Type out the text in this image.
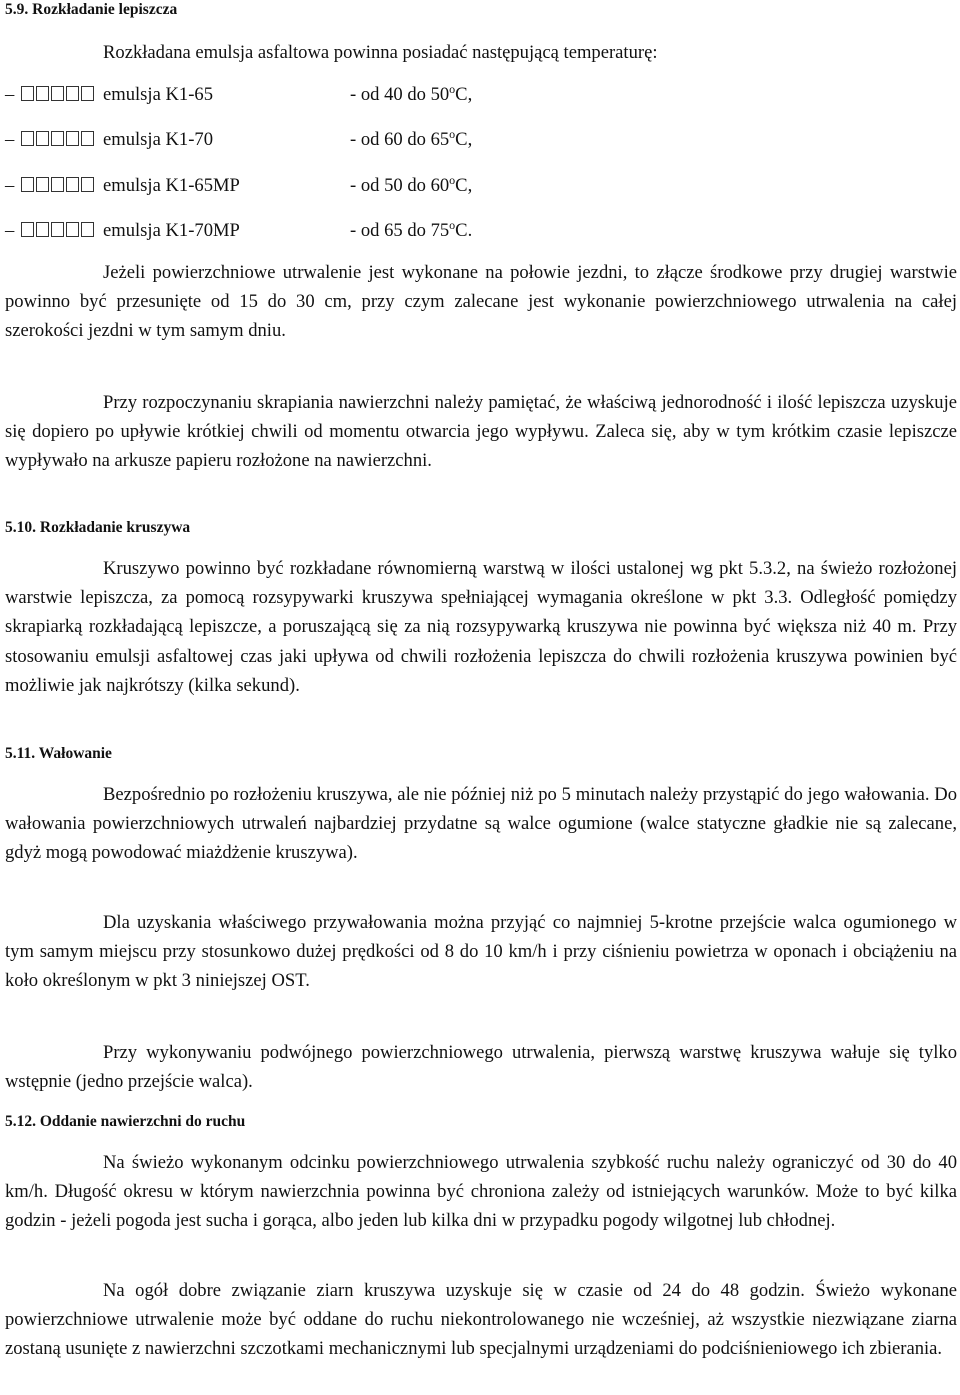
5.9. Rozkładanie lepiszcza
Rozkładana emulsja asfaltowa powinna posiadać następującą temperaturę:
–	emulsja K1-65	- od 40 do 50$^o$C,
–	emulsja K1-70	- od 60 do 65$^o$C,
–	emulsja K1-65MP	- od 50 do 60$^o$C,
–	emulsja K1-70MP	- od 65 do 75$^o$C.
Jeżeli powierzchniowe utrwalenie jest wykonane na połowie jezdni, to złącze środkowe przy drugiej warstwie powinno być przesunięte od 15 do 30 cm, przy czym zalecane jest wykonanie powierzchniowego utrwalenia na całej szerokości jezdni w tym samym dniu.
Przy rozpoczynaniu skrapiania nawierzchni należy pamiętać, że właściwą jednorodność i ilość lepiszcza uzyskuje się dopiero po upływie krótkiej chwili od momentu otwarcia jego wypływu. Zaleca się, aby w tym krótkim czasie lepiszcze wypływało na arkusze papieru rozłożone na nawierzchni.
5.10. Rozkładanie kruszywa
Kruszywo powinno być rozkładane równomierną warstwą w ilości ustalonej wg pkt 5.3.2, na świeżo rozłożonej warstwie lepiszcza, za pomocą rozsypywarki kruszywa spełniającej wymagania określone w pkt 3.3. Odległość pomiędzy skrapiarką rozkładającą lepiszcze, a poruszającą się za nią rozsypywarką kruszywa nie powinna być większa niż 40 m. Przy stosowaniu emulsji asfaltowej czas jaki upływa od chwili rozłożenia lepiszcza do chwili rozłożenia kruszywa powinien być możliwie jak najkrótszy (kilka sekund).
5.11. Wałowanie
Bezpośrednio po rozłożeniu kruszywa, ale nie później niż po 5 minutach należy przystąpić do jego wałowania. Do wałowania powierzchniowych utrwaleń najbardziej przydatne są walce ogumione (walce statyczne gładkie nie są zalecane, gdyż mogą powodować miażdżenie kruszywa).
Dla uzyskania właściwego przywałowania można przyjąć co najmniej 5-krotne przejście walca ogumionego w tym samym miejscu przy stosunkowo dużej prędkości od 8 do 10 km/h i przy ciśnieniu powietrza w oponach i obciążeniu na koło określonym w pkt 3 niniejszej OST.
Przy wykonywaniu podwójnego powierzchniowego utrwalenia, pierwszą warstwę kruszywa wałuje się tylko wstępnie (jedno przejście walca).
5.12. Oddanie nawierzchni do ruchu
Na świeżo wykonanym odcinku powierzchniowego utrwalenia szybkość ruchu należy ograniczyć od 30 do 40 km/h. Długość okresu w którym nawierzchnia powinna być chroniona zależy od istniejących warunków. Może to być kilka godzin - jeżeli pogoda jest sucha i gorąca, albo jeden lub kilka dni w przypadku pogody wilgotnej lub chłodnej.
Na ogół dobre związanie ziarn kruszywa uzyskuje się w czasie od 24 do 48 godzin. Świeżo wykonane powierzchniowe utrwalenie może być oddane do ruchu niekontrolowanego nie wcześniej, aż wszystkie niezwiązane ziarna zostaną usunięte z nawierzchni szczotkami mechanicznymi lub specjalnymi urządzeniami do podciśnieniowego ich zbierania.
